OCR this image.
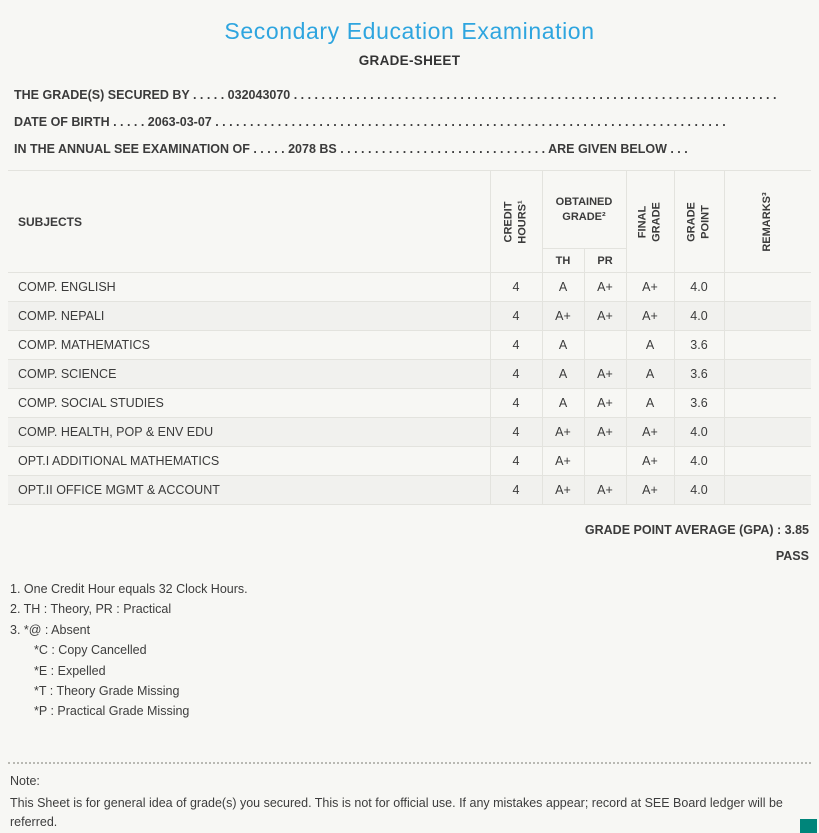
Secondary Education Examination
GRADE-SHEET
THE GRADE(S) SECURED BY . . . . . 032043070 . . . . . . . . . . . . . . . . . . . . . . . . . . . . . . . . . . . . . . . . . . . . . . . . . . . . . . . . . . . . . . . . . . . . . .
DATE OF BIRTH . . . . . 2063-03-07 . . . . . . . . . . . . . . . . . . . . . . . . . . . . . . . . . . . . . . . . . . . . . . . . . . . . . . . . . . . . . . . . . . . . . . . . . .
IN THE ANNUAL SEE EXAMINATION OF . . . . . 2078 BS . . . . . . . . . . . . . . . . . . . . . . . . . . . . . . ARE GIVEN BELOW . . .
SUBJECTS	CREDIT HOURS¹	OBTAINED GRADE²		FINAL GRADE	GRADE POINT	REMARKS³

		TH	PR			
COMP. ENGLISH	4	A	A+	A+	4.0	
COMP. NEPALI	4	A+	A+	A+	4.0	
COMP. MATHEMATICS	4	A		A	3.6	
COMP. SCIENCE	4	A	A+	A	3.6	
COMP. SOCIAL STUDIES	4	A	A+	A	3.6	
COMP. HEALTH, POP & ENV EDU	4	A+	A+	A+	4.0	
OPT.I ADDITIONAL MATHEMATICS	4	A+		A+	4.0	
OPT.II OFFICE MGMT & ACCOUNT	4	A+	A+	A+	4.0	
GRADE POINT AVERAGE (GPA) : 3.85
PASS
1. One Credit Hour equals 32 Clock Hours.
2. TH : Theory, PR : Practical
3. *@ : Absent
*C : Copy Cancelled
*E : Expelled
*T : Theory Grade Missing
*P : Practical Grade Missing
Note:
This Sheet is for general idea of grade(s) you secured. This is not for official use. If any mistakes appear; record at SEE Board ledger will be referred.
